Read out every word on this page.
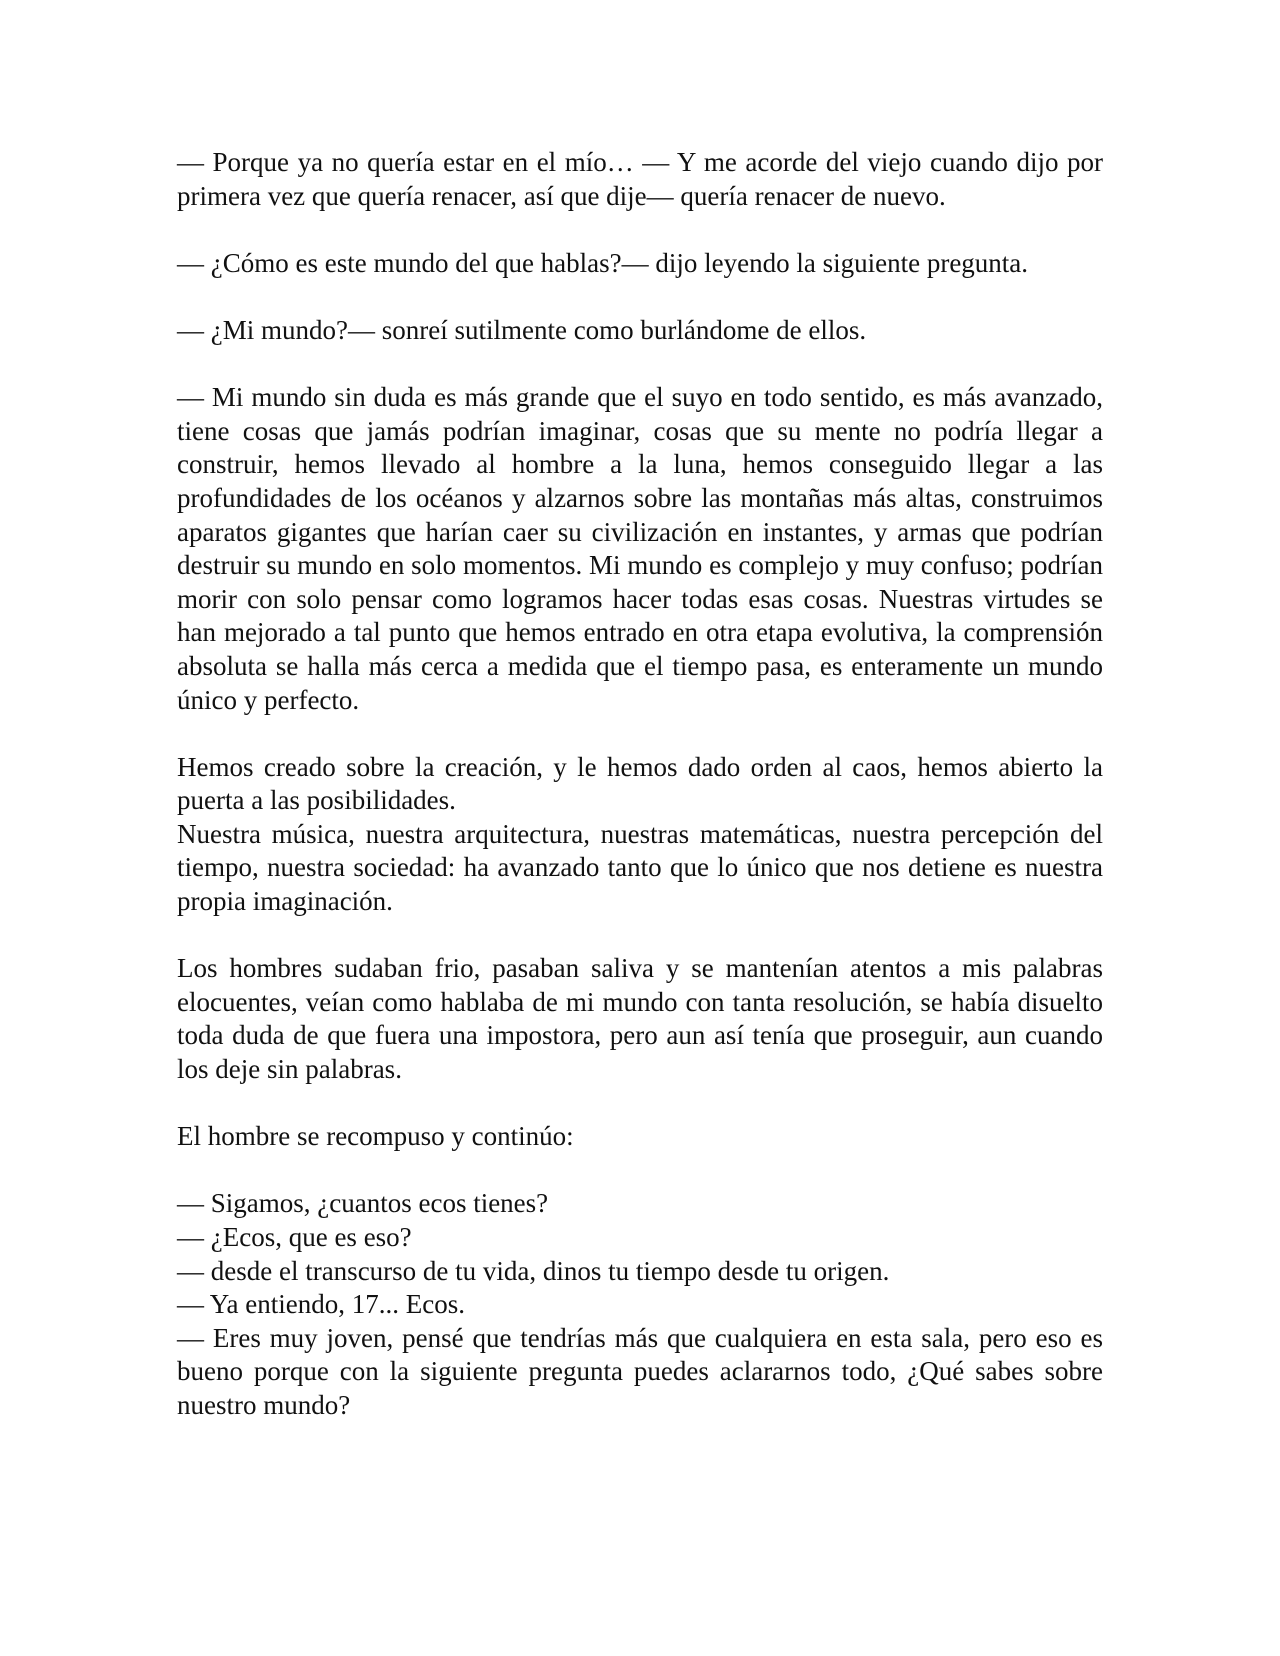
— Porque ya no quería estar en el mío… — Y me acorde del viejo cuando dijo por primera vez que quería renacer, así que dije— quería renacer de nuevo.

— ¿Cómo es este mundo del que hablas?— dijo leyendo la siguiente pregunta.

— ¿Mi mundo?— sonreí sutilmente como burlándome de ellos.

— Mi mundo sin duda es más grande que el suyo en todo sentido, es más avanzado, tiene cosas que jamás podrían imaginar, cosas que su mente no podría llegar a construir, hemos llevado al hombre a la luna, hemos conseguido llegar a las profundidades de los océanos y alzarnos sobre las montañas más altas, construimos aparatos gigantes que harían caer su civilización en instantes, y armas que podrían destruir su mundo en solo momentos. Mi mundo es complejo y muy confuso; podrían morir con solo pensar como logramos hacer todas esas cosas. Nuestras virtudes se han mejorado a tal punto que hemos entrado en otra etapa evolutiva, la comprensión absoluta se halla más cerca a medida que el tiempo pasa, es enteramente un mundo único y perfecto.

Hemos creado sobre la creación, y le hemos dado orden al caos, hemos abierto la puerta a las posibilidades.

Nuestra música, nuestra arquitectura, nuestras matemáticas, nuestra percepción del tiempo, nuestra sociedad: ha avanzado tanto que lo único que nos detiene es nuestra propia imaginación.

Los hombres sudaban frio, pasaban saliva y se mantenían atentos a mis palabras elocuentes, veían como hablaba de mi mundo con tanta resolución, se había disuelto toda duda de que fuera una impostora, pero aun así tenía que proseguir, aun cuando los deje sin palabras.

El hombre se recompuso y continúo:

— Sigamos, ¿cuantos ecos tienes?

— ¿Ecos, que es eso?

— desde el transcurso de tu vida, dinos tu tiempo desde tu origen.

— Ya entiendo, 17... Ecos.

— Eres muy joven, pensé que tendrías más que cualquiera en esta sala, pero eso es bueno porque con la siguiente pregunta puedes aclararnos todo, ¿Qué sabes sobre nuestro mundo?
